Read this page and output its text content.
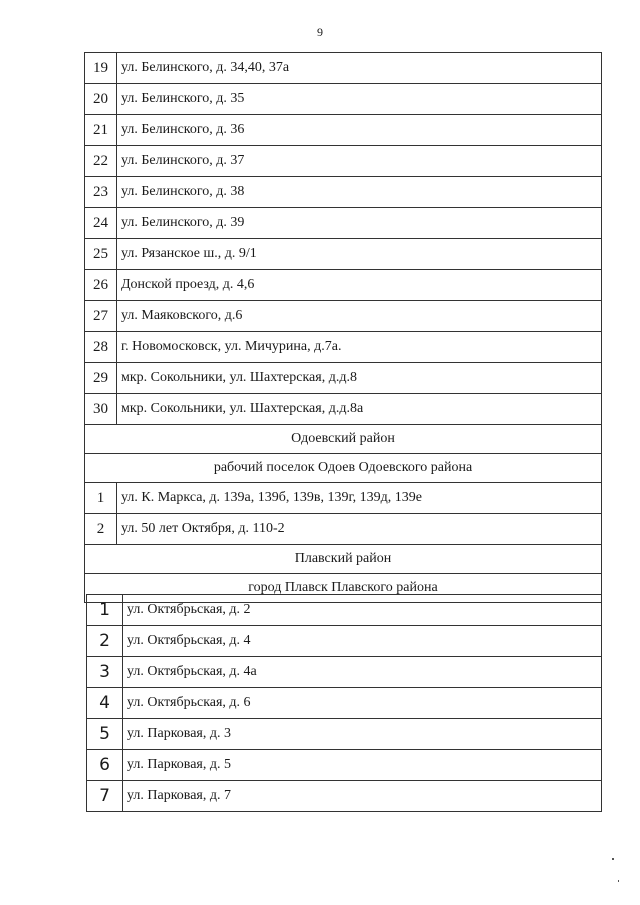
9
19	ул. Белинского, д. 34,40, 37а
20	ул. Белинского, д. 35
21	ул. Белинского, д. 36
22	ул. Белинского, д. 37
23	ул. Белинского, д. 38
24	ул. Белинского, д. 39
25	ул. Рязанское ш., д. 9/1
26	Донской проезд, д. 4,6
27	ул. Маяковского, д.6
28	г. Новомосковск, ул. Мичурина, д.7а.
29	мкр. Сокольники, ул. Шахтерская, д.д.8
30	мкр. Сокольники, ул. Шахтерская, д.д.8а
Одоевский район	
рабочий поселок Одоев Одоевского района	
1	ул. К. Маркса, д. 139а, 139б, 139в, 139г, 139д, 139е
2	ул. 50 лет Октября, д. 110-2
Плавский район	
город Плавск Плавского района	
1	ул. Октябрьская, д. 2
2	ул. Октябрьская, д. 4
3	ул. Октябрьская, д. 4а
4	ул. Октябрьская, д. 6
5	ул. Парковая, д. 3
6	ул. Парковая, д. 5
7	ул. Парковая, д. 7
